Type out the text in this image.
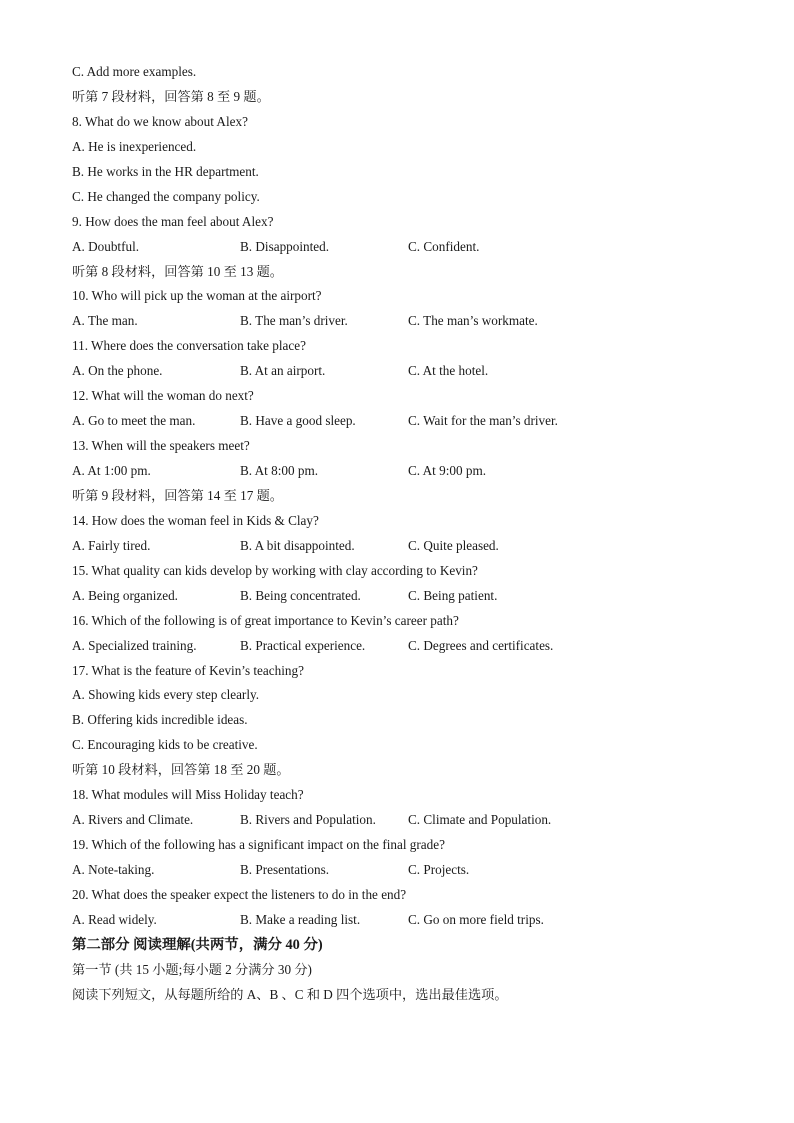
C. Add more examples.
听第 7 段材料，回答第 8 至 9 题。
8. What do we know about Alex?
A. He is inexperienced.
B. He works in the HR department.
C. He changed the company policy.
9. How does the man feel about Alex?
A. Doubtful.	B. Disappointed.	C. Confident.
听第 8 段材料，回答第 10 至 13 题。
10. Who will pick up the woman at the airport?
A. The man.	B. The man’s driver.	C. The man’s workmate.
11. Where does the conversation take place?
A. On the phone.	B. At an airport.	C. At the hotel.
12. What will the woman do next?
A. Go to meet the man.	B. Have a good sleep.	C. Wait for the man’s driver.
13. When will the speakers meet?
A. At 1:00 pm.	B. At 8:00 pm.	C. At 9:00 pm.
听第 9 段材料，回答第 14 至 17 题。
14. How does the woman feel in Kids & Clay?
A. Fairly tired.	B. A bit disappointed.	C. Quite pleased.
15. What quality can kids develop by working with clay according to Kevin?
A. Being organized.	B. Being concentrated.	C. Being patient.
16. Which of the following is of great importance to Kevin’s career path?
A. Specialized training.	B. Practical experience.	C. Degrees and certificates.
17. What is the feature of Kevin’s teaching?
A. Showing kids every step clearly.
B. Offering kids incredible ideas.
C. Encouraging kids to be creative.
听第 10 段材料，回答第 18 至 20 题。
18. What modules will Miss Holiday teach?
A. Rivers and Climate.	B. Rivers and Population. C. Climate and Population.
19. Which of the following has a significant impact on the final grade?
A. Note-taking.	B. Presentations.	C. Projects.
20. What does the speaker expect the listeners to do in the end?
A. Read widely.	B. Make a reading list.	C. Go on more field trips.
第二部分 阅读理解(共两节，满分 40 分)
第一节 (共 15 小题;每小题 2 分满分 30 分)
阅读下列短文，从每题所给的 A、B 、C 和 D 四个选项中，选出最佳选项。
